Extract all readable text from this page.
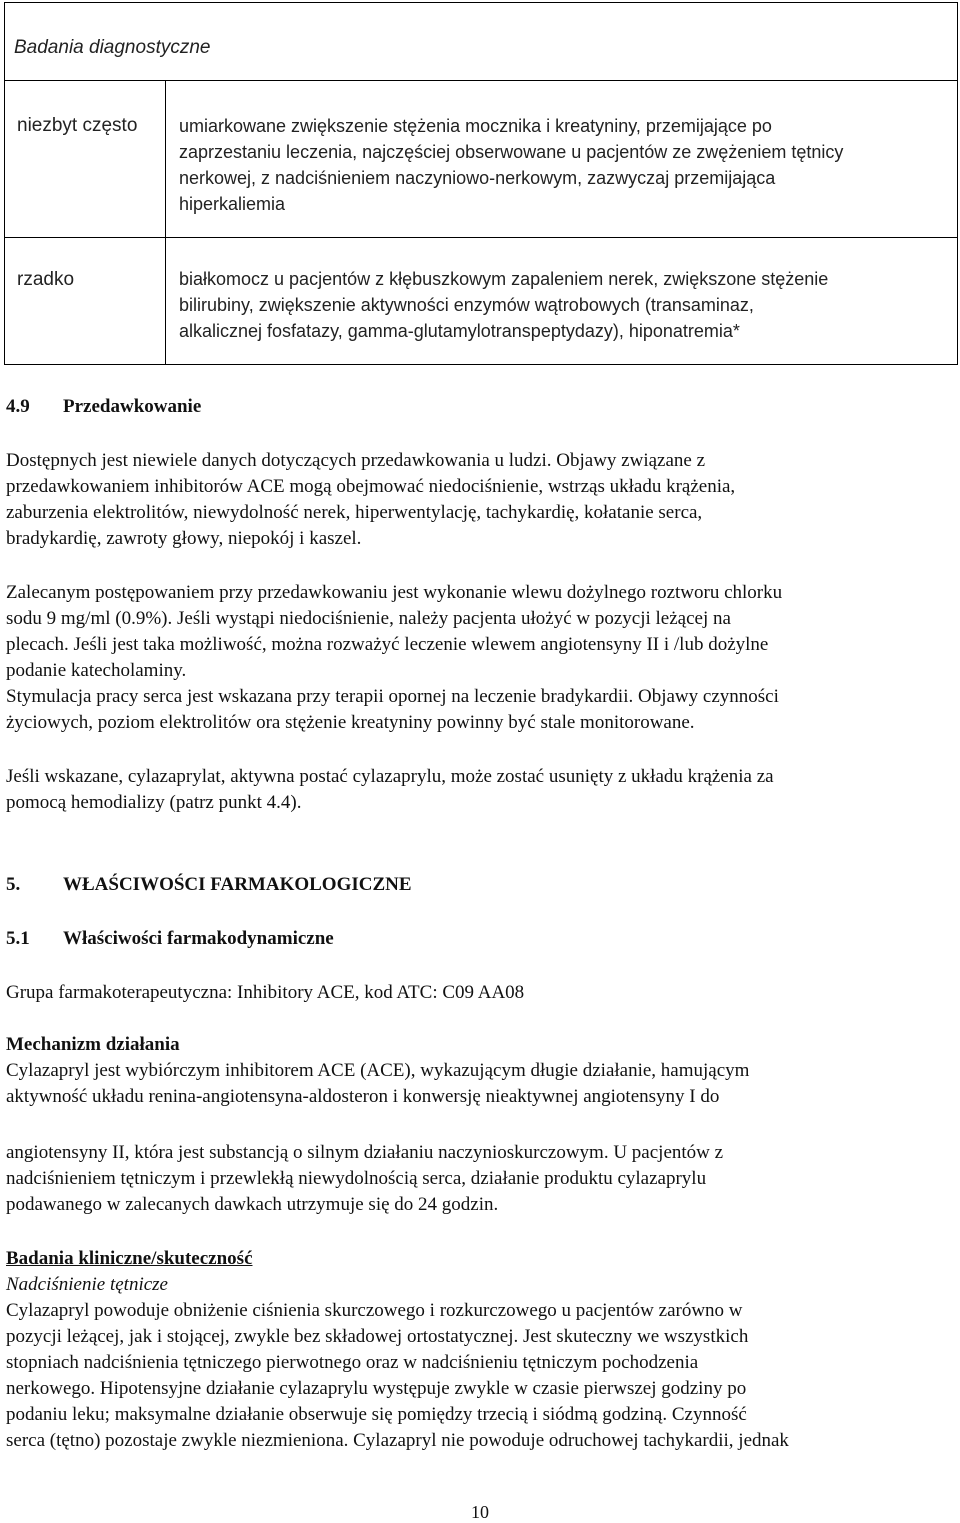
Badania diagnostyczne
niezbyt często umiarkowane zwiększenie stężenia mocznika i kreatyniny, przemijające po
zaprzestaniu leczenia, najczęściej obserwowane u pacjentów ze zwężeniem tętnicy
nerkowej, z nadciśnieniem naczyniowo-nerkowym, zazwyczaj przemijająca
hiperkaliemia
rzadko	białkomocz u pacjentów z kłębuszkowym zapaleniem nerek, zwiększone stężenie
bilirubiny, zwiększenie aktywności enzymów wątrobowych (transaminaz,
alkalicznej fosfatazy, gamma-glutamylotranspeptydazy), hiponatremia*
4.9 Przedawkowanie
Dostępnych jest niewiele danych dotyczących przedawkowania u ludzi. Objawy związane z
przedawkowaniem inhibitorów ACE mogą obejmować niedociśnienie, wstrząs układu krążenia,
zaburzenia elektrolitów, niewydolność nerek, hiperwentylację, tachykardię, kołatanie serca,
bradykardię, zawroty głowy, niepokój i kaszel.
Zalecanym postępowaniem przy przedawkowaniu jest wykonanie wlewu dożylnego roztworu chlorku
sodu 9 mg/ml (0.9%). Jeśli wystąpi niedociśnienie, należy pacjenta ułożyć w pozycji leżącej na
plecach. Jeśli jest taka możliwość, można rozważyć leczenie wlewem angiotensyny II i /lub dożylne
podanie katecholaminy.
Stymulacja pracy serca jest wskazana przy terapii opornej na leczenie bradykardii. Objawy czynności
życiowych, poziom elektrolitów ora stężenie kreatyniny powinny być stale monitorowane.
Jeśli wskazane, cylazaprylat, aktywna postać cylazaprylu, może zostać usunięty z układu krążenia za
pomocą hemodializy (patrz punkt 4.4).
5. WŁAŚCIWOŚCI FARMAKOLOGICZNE
5.1 Właściwości farmakodynamiczne
Grupa farmakoterapeutyczna: Inhibitory ACE, kod ATC: C09 AA08
Mechanizm działania
Cylazapryl jest wybiórczym inhibitorem ACE (ACE), wykazującym długie działanie, hamującym
aktywność układu renina-angiotensyna-aldosteron i konwersję nieaktywnej angiotensyny I do
angiotensyny II, która jest substancją o silnym działaniu naczynioskurczowym. U pacjentów z
nadciśnieniem tętniczym i przewlekłą niewydolnością serca, działanie produktu cylazaprylu
podawanego w zalecanych dawkach utrzymuje się do 24 godzin.
Badania kliniczne/skuteczność
Nadciśnienie tętnicze
Cylazapryl powoduje obniżenie ciśnienia skurczowego i rozkurczowego u pacjentów zarówno w
pozycji leżącej, jak i stojącej, zwykle bez składowej ortostatycznej. Jest skuteczny we wszystkich
stopniach nadciśnienia tętniczego pierwotnego oraz w nadciśnieniu tętniczym pochodzenia
nerkowego. Hipotensyjne działanie cylazaprylu występuje zwykle w czasie pierwszej godziny po
podaniu leku; maksymalne działanie obserwuje się pomiędzy trzecią i siódmą godziną. Czynność
serca (tętno) pozostaje zwykle niezmieniona. Cylazapryl nie powoduje odruchowej tachykardii, jednak
10
